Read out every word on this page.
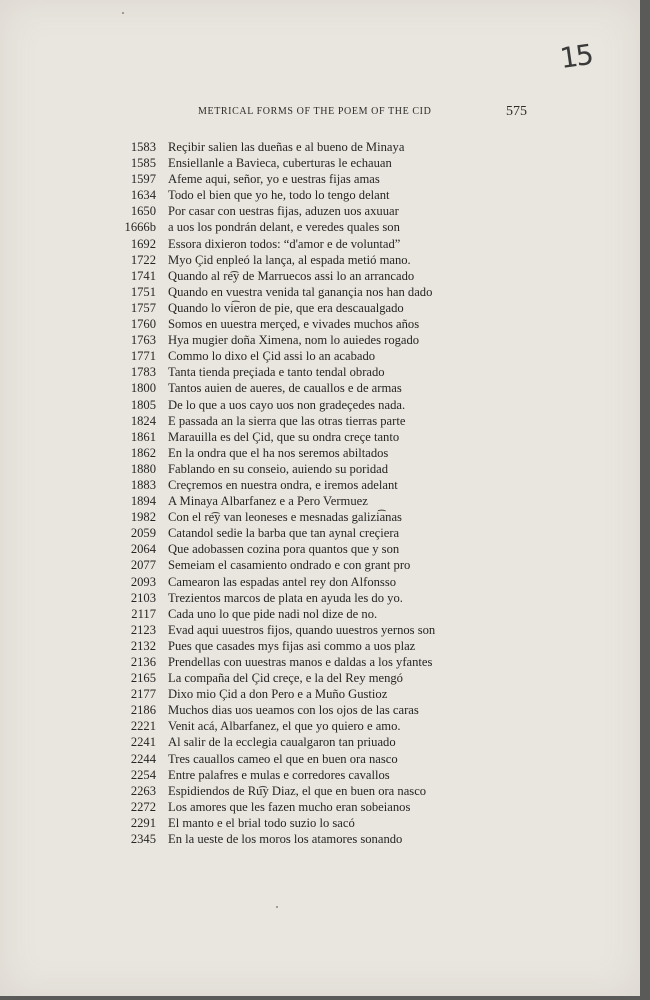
15
METRICAL FORMS OF THE POEM OF THE CID	575
1583 Reçibir salien las dueñas e al bueno de Minaya
1585 Ensiellanle a Bavieca, cuberturas le echauan
1597 Afeme aqui, señor, yo e uestras fijas amas
1634 Todo el bien que yo he, todo lo tengo delant
1650 Por casar con uestras fijas, aduzen uos axuuar
1666b a uos los pondrán delant, e veredes quales son
1692 Essora dixieron todos: “d'amor e de voluntad”
1722 Myo Çid enpleó la lança, al espada metió mano.
1741 Quando al re͡y de Marruecos assi lo an arrancado
1751 Quando en vuestra venida tal ganançia nos han dado
1757 Quando lo vi͡eron de pie, que era descaualgado
1760 Somos en uuestra merçed, e vivades muchos años
1763 Hya mugier doña Ximena, nom lo auiedes rogado
1771 Commo lo dixo el Çid assi lo an acabado
1783 Tanta tienda preçiada e tanto tendal obrado
1800 Tantos auien de aueres, de cauallos e de armas
1805 De lo que a uos cayo uos non gradeçedes nada.
1824 E passada an la sierra que las otras tierras parte
1861 Marauilla es del Çid, que su ondra creçe tanto
1862 En la ondra que el ha nos seremos abiltados
1880 Fablando en su conseio, auiendo su poridad
1883 Creçremos en nuestra ondra, e iremos adelant
1894 A Minaya Albarfanez e a Pero Vermuez
1982 Con el re͡y van leoneses e mesnadas galizi͡anas
2059 Catandol sedie la barba que tan aynal creçiera
2064 Que adobassen cozina pora quantos que y son
2077 Semeiam el casamiento ondrado e con grant pro
2093 Camearon las espadas antel rey don Alfonsso
2103 Trezientos marcos de plata en ayuda les do yo.
2117 Cada uno lo que pide nadi nol dize de no.
2123 Evad aqui uuestros fijos, quando uuestros yernos son
2132 Pues que casades mys fijas asi commo a uos plaz
2136 Prendellas con uuestras manos e daldas a los yfantes
2165 La compaña del Çid creçe, e la del Rey mengó
2177 Dixo mio Çid a don Pero e a Muño Gustioz
2186 Muchos dias uos ueamos con los ojos de las caras
2221 Venit acá, Albarfanez, el que yo quiero e amo.
2241 Al salir de la ecclegia caualgaron tan priuado
2244 Tres cauallos cameo el que en buen ora nasco
2254 Entre palafres e mulas e corredores cavallos
2263 Espidiendos de Ru͡y Diaz, el que en buen ora nasco
2272 Los amores que les fazen mucho eran sobeianos
2291 El manto e el brial todo suzio lo sacó
2345 En la ueste de los moros los atamores sonando
